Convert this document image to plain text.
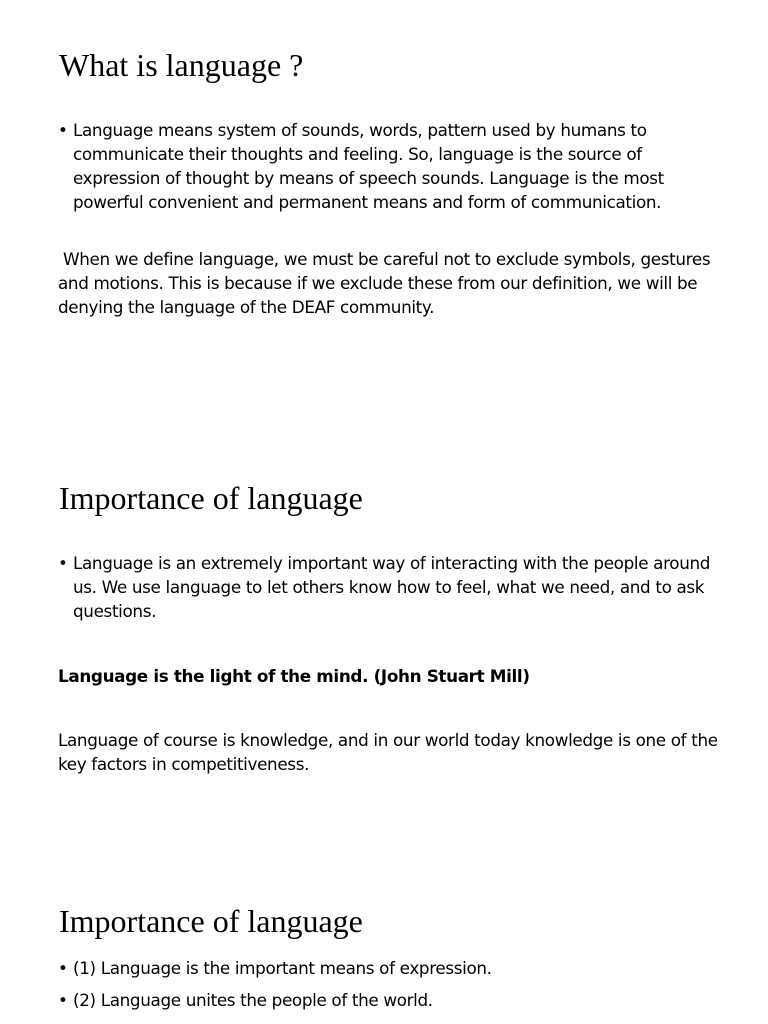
What is language ?

• Language means system of sounds, words, pattern used by humans to communicate their thoughts and feeling. So, language is the source of expression of thought by means of speech sounds. Language is the most powerful convenient and permanent means and form of communication.

When we define language, we must be careful not to exclude symbols, gestures and motions. This is because if we exclude these from our definition, we will be denying the language of the DEAF community.

Importance of language

• Language is an extremely important way of interacting with the people around us. We use language to let others know how to feel, what we need, and to ask questions.

Language is the light of the mind. (John Stuart Mill)

Language of course is knowledge, and in our world today knowledge is one of the key factors in competitiveness.

Importance of language

• (1) Language is the important means of expression.

• (2) Language unites the people of the world.
